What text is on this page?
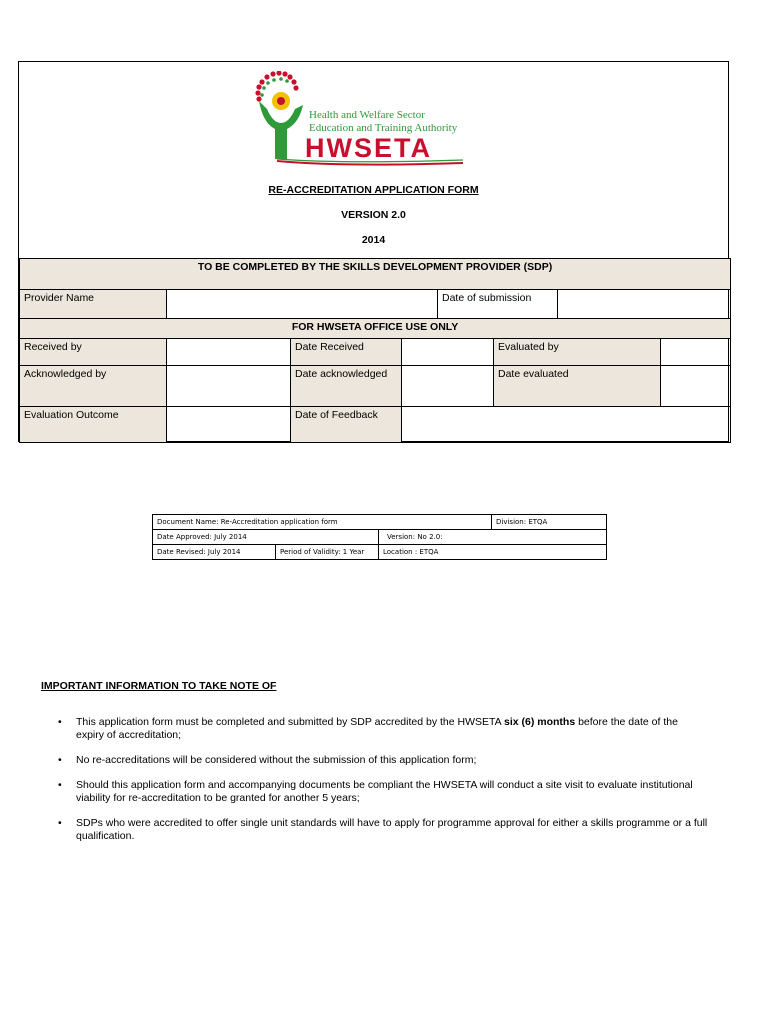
Health and Welfare Sector
Education and Training Authority
HWSETA
RE-ACCREDITATION APPLICATION FORM
VERSION 2.0
2014
TO BE COMPLETED BY THE SKILLS DEVELOPMENT PROVIDER (SDP)							
Provider Name				Date of submission			
FOR HWSETA OFFICE USE ONLY							
Received by		Date Received			Evaluated by		
Acknowledged by		Date acknowledged			Date evaluated		
Evaluation Outcome		Date of Feedback					
Document Name: Re-Accreditation application form			Division: ETQA
Date Approved: July 2014		Version: No 2.0:	
Date Revised: July 2014	Period of Validity: 1 Year	Location : ETQA	
IMPORTANT INFORMATION TO TAKE NOTE OF
• This application form must be completed and submitted by SDP accredited by the HWSETA six (6) months before the date of the expiry of accreditation;
• No re-accreditations will be considered without the submission of this application form;
• Should this application form and accompanying documents be compliant the HWSETA will conduct a site visit to evaluate institutional viability for re-accreditation to be granted for another 5 years;
• SDPs who were accredited to offer single unit standards will have to apply for programme approval for either a skills programme or a full qualification.
